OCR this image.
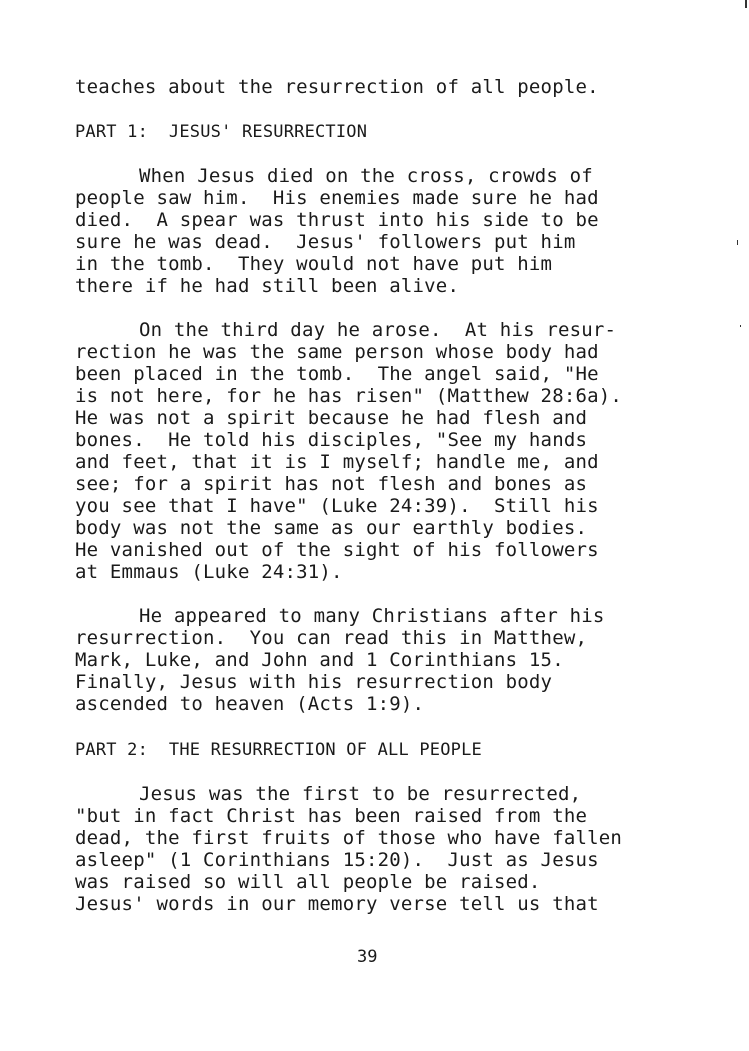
teaches about the resurrection of all people.
PART 1:  JESUS' RESURRECTION
When Jesus died on the cross, crowds of
people saw him.  His enemies made sure he had
died.  A spear was thrust into his side to be
sure he was dead.  Jesus' followers put him
in the tomb.  They would not have put him
there if he had still been alive.
On the third day he arose.  At his resur-
rection he was the same person whose body had
been placed in the tomb.  The angel said, "He
is not here, for he has risen" (Matthew 28:6a).
He was not a spirit because he had flesh and
bones.  He told his disciples, "See my hands
and feet, that it is I myself; handle me, and
see; for a spirit has not flesh and bones as
you see that I have" (Luke 24:39).  Still his
body was not the same as our earthly bodies.
He vanished out of the sight of his followers
at Emmaus (Luke 24:31).
He appeared to many Christians after his
resurrection.  You can read this in Matthew,
Mark, Luke, and John and 1 Corinthians 15.
Finally, Jesus with his resurrection body
ascended to heaven (Acts 1:9).
PART 2:  THE RESURRECTION OF ALL PEOPLE
Jesus was the first to be resurrected,
"but in fact Christ has been raised from the
dead, the first fruits of those who have fallen
asleep" (1 Corinthians 15:20).  Just as Jesus
was raised so will all people be raised.
Jesus' words in our memory verse tell us that
39
